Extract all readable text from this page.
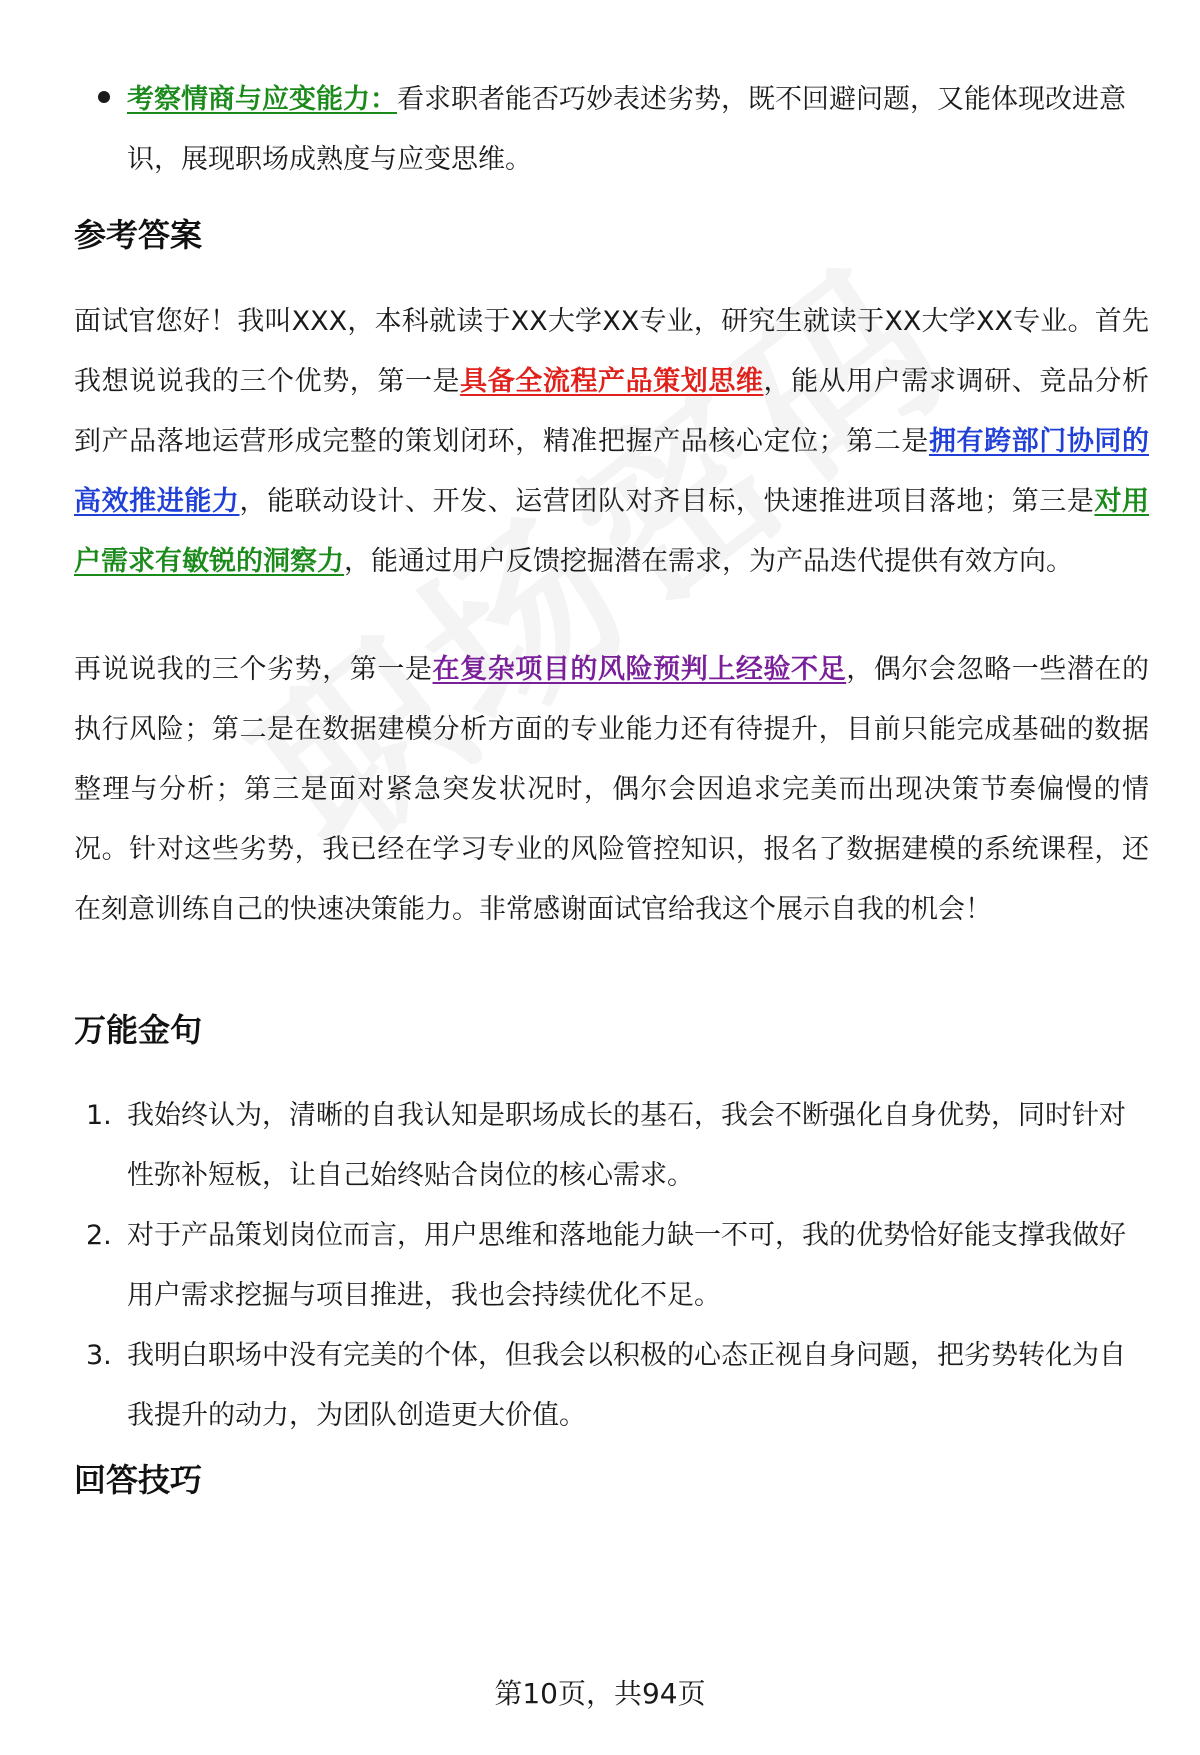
考察情商与应变能力：看求职者能否巧妙表述劣势，既不回避问题，又能体现改进意识，展现职场成熟度与应变思维。
参考答案

面试官您好！我叫XXX，本科就读于XX大学XX专业，研究生就读于XX大学XX专业。首先我想说说我的三个优势，第一是具备全流程产品策划思维，能从用户需求调研、竞品分析到产品落地运营形成完整的策划闭环，精准把握产品核心定位；第二是拥有跨部门协同的高效推进能力，能联动设计、开发、运营团队对齐目标，快速推进项目落地；第三是对用户需求有敏锐的洞察力，能通过用户反馈挖掘潜在需求，为产品迭代提供有效方向。

再说说我的三个劣势，第一是在复杂项目的风险预判上经验不足，偶尔会忽略一些潜在的执行风险；第二是在数据建模分析方面的专业能力还有待提升，目前只能完成基础的数据整理与分析；第三是面对紧急突发状况时，偶尔会因追求完美而出现决策节奏偏慢的情况。针对这些劣势，我已经在学习专业的风险管控知识，报名了数据建模的系统课程，还在刻意训练自己的快速决策能力。非常感谢面试官给我这个展示自我的机会！

万能金句
1. 我始终认为，清晰的自我认知是职场成长的基石，我会不断强化自身优势，同时针对性弥补短板，让自己始终贴合岗位的核心需求。
2. 对于产品策划岗位而言，用户思维和落地能力缺一不可，我的优势恰好能支撑我做好用户需求挖掘与项目推进，我也会持续优化不足。
3. 我明白职场中没有完美的个体，但我会以积极的心态正视自身问题，把劣势转化为自我提升的动力，为团队创造更大价值。
回答技巧
第10页，共94页
